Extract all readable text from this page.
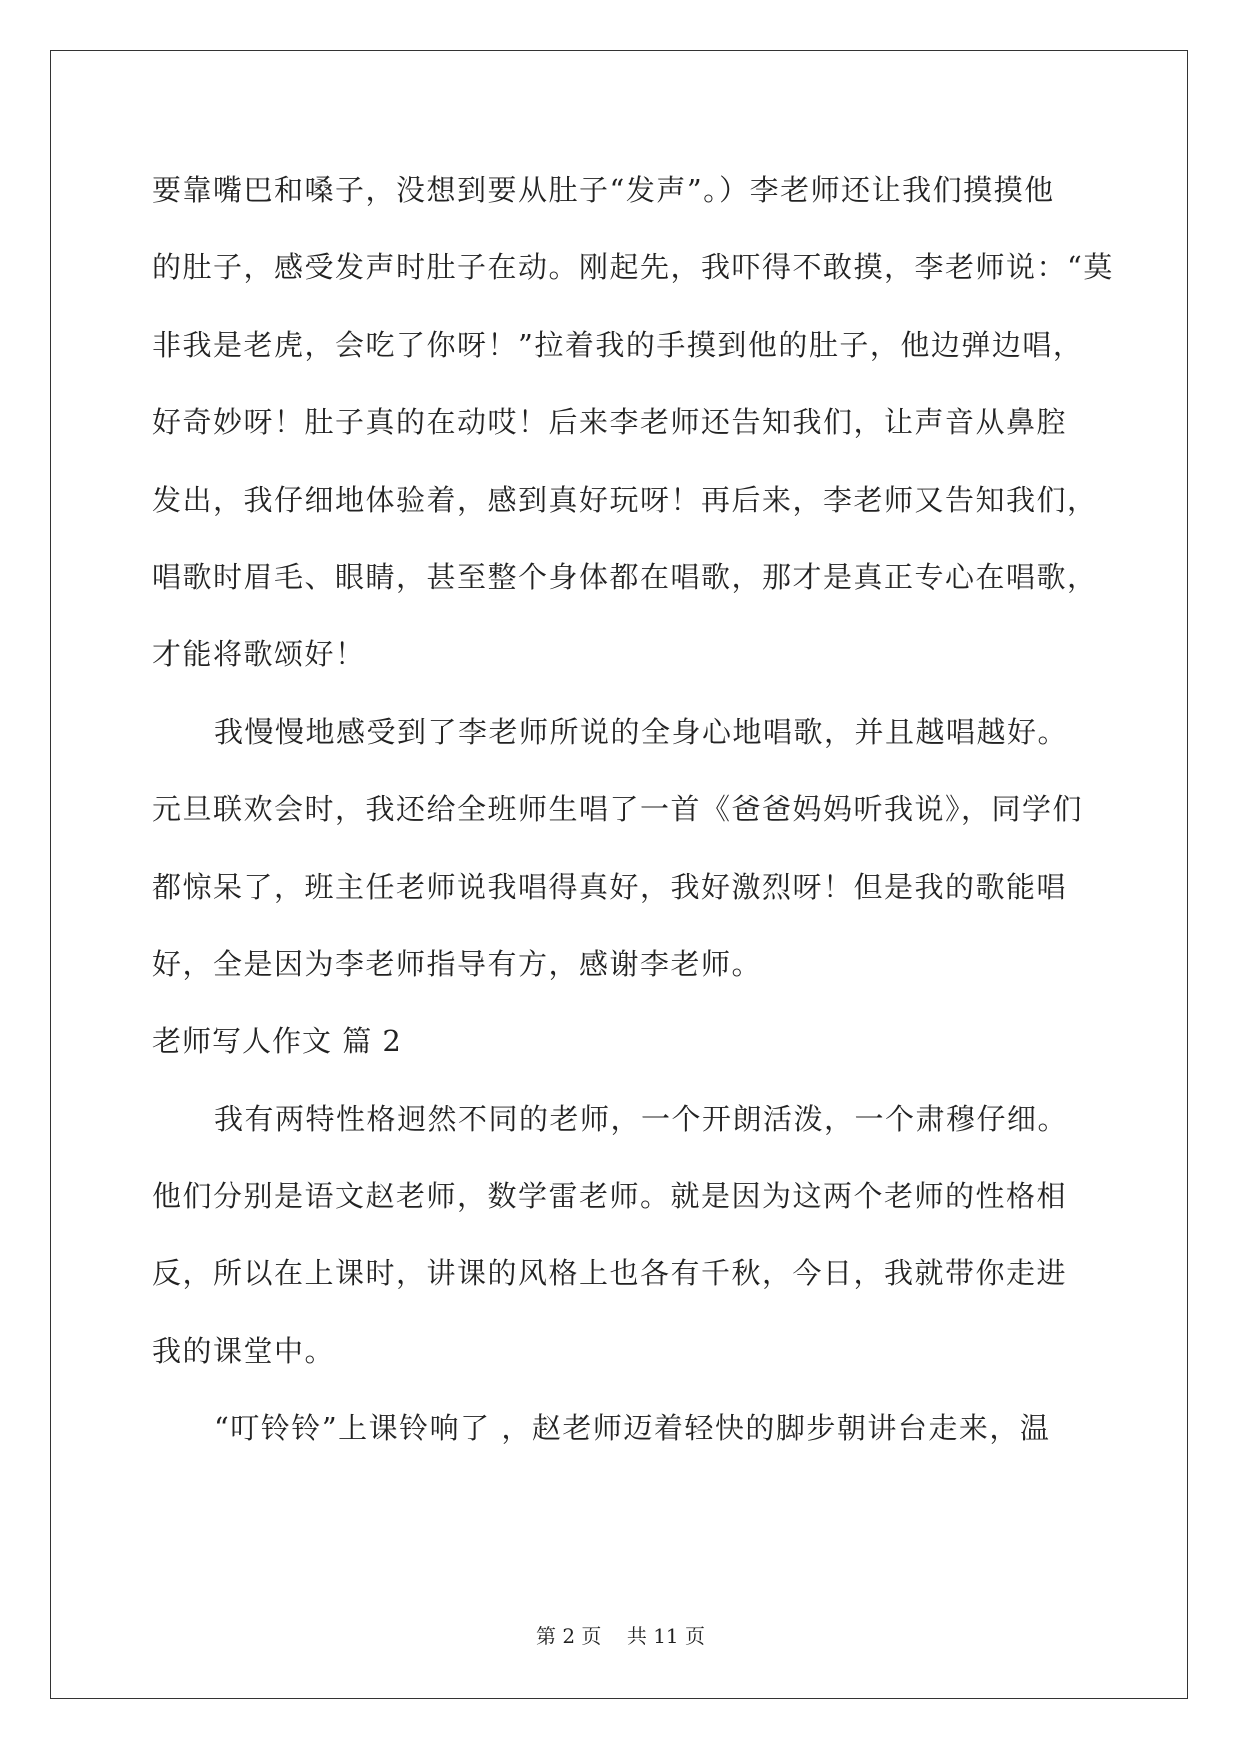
要靠嘴巴和嗓子，没想到要从肚子“发声”。）李老师还让我们摸摸他
的肚子，感受发声时肚子在动。刚起先，我吓得不敢摸，李老师说：“莫
非我是老虎，会吃了你呀！”拉着我的手摸到他的肚子，他边弹边唱，
好奇妙呀！肚子真的在动哎！后来李老师还告知我们，让声音从鼻腔
发出，我仔细地体验着，感到真好玩呀！再后来，李老师又告知我们，
唱歌时眉毛、眼睛，甚至整个身体都在唱歌，那才是真正专心在唱歌，
才能将歌颂好！
我慢慢地感受到了李老师所说的全身心地唱歌，并且越唱越好。
元旦联欢会时，我还给全班师生唱了一首《爸爸妈妈听我说》，同学们
都惊呆了，班主任老师说我唱得真好，我好激烈呀！但是我的歌能唱
好，全是因为李老师指导有方，感谢李老师。
老师写人作文 篇 2
我有两特性格迥然不同的老师，一个开朗活泼，一个肃穆仔细。
他们分别是语文赵老师，数学雷老师。就是因为这两个老师的性格相
反，所以在上课时，讲课的风格上也各有千秋，今日，我就带你走进
我的课堂中。
“叮铃铃”上课铃响了 ，赵老师迈着轻快的脚步朝讲台走来，温
第 2 页    共 11 页
